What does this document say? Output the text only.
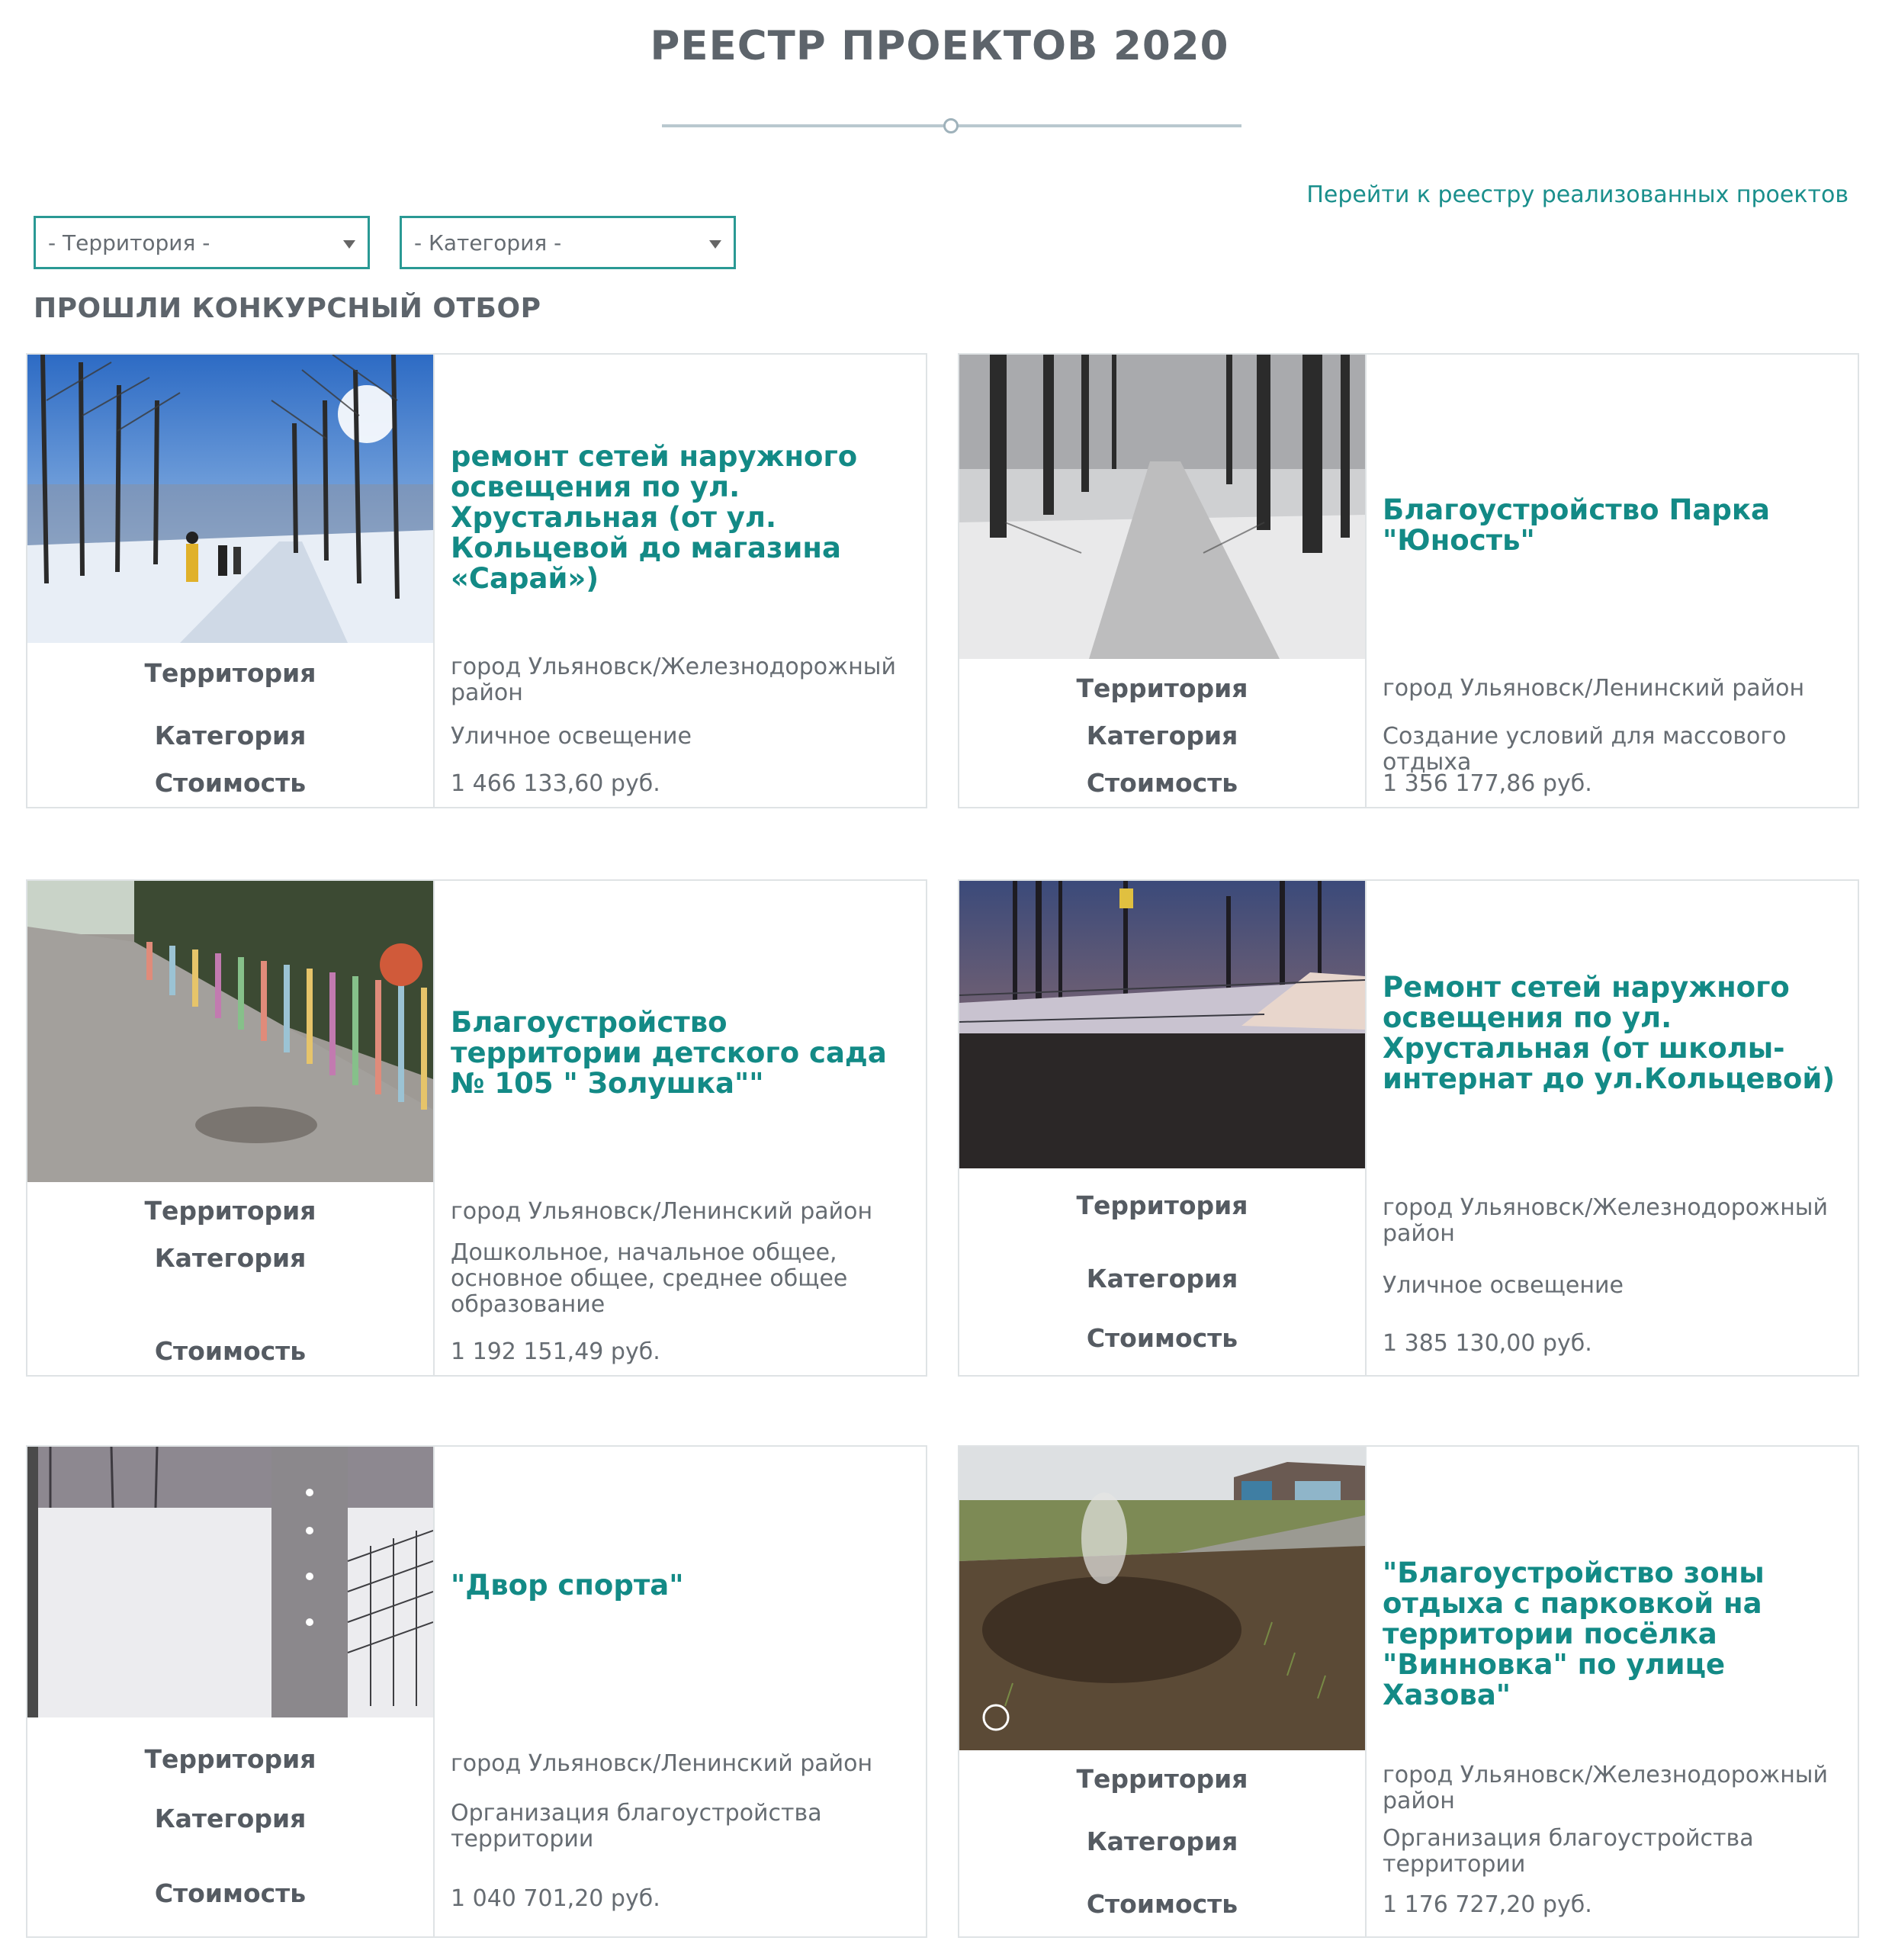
РЕЕСТР ПРОЕКТОВ 2020
Перейти к реестру реализованных проектов
- Территория -	- Категория -
ПРОШЛИ КОНКУРСНЫЙ ОТБОР
ремонт сетей наружного освещения по ул. Хрустальная (от ул. Кольцевой до магазина «Сарай»)
Территория
Категория
Стоимость
город Ульяновск/Железнодорожный район
Уличное освещение
1 466 133,60 руб.
Благоустройство Парка "Юность"
Территория
Категория
Стоимость
город Ульяновск/Ленинский район
Создание условий для массового отдыха
1 356 177,86 руб.
Благоустройство территории детского сада № 105 " Золушка""
Территория
Категория
Стоимость
город Ульяновск/Ленинский район
Дошкольное, начальное общее, основное общее, среднее общее образование
1 192 151,49 руб.
Ремонт сетей наружного освещения по ул. Хрустальная (от школы- интернат до ул.Кольцевой)
Территория
Категория
Стоимость
город Ульяновск/Железнодорожный район
Уличное освещение
1 385 130,00 руб.
"Двор спорта"
Территория
Категория
Стоимость
город Ульяновск/Ленинский район
Организация благоустройства территории
1 040 701,20 руб.
"Благоустройство зоны отдыха с парковкой на территории посёлка "Винновка" по улице Хазова"
Территория
Категория
Стоимость
город Ульяновск/Железнодорожный район
Организация благоустройства территории
1 176 727,20 руб.
